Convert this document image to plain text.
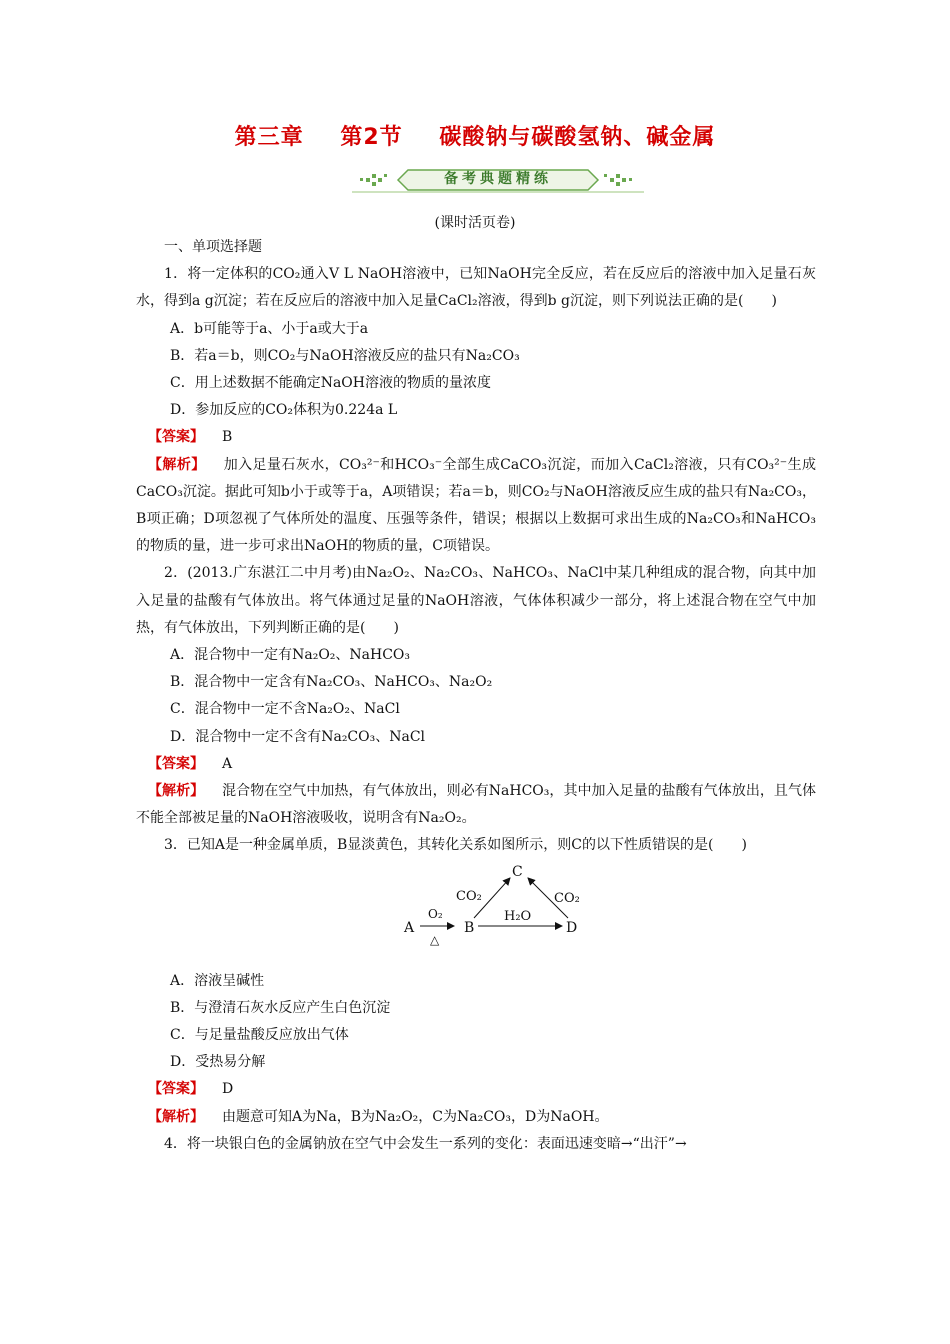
第三章 第2节 碳酸钠与碳酸氢钠、碱金属
备考典题精练
(课时活页卷)

一、单项选择题

1．将一定体积的CO₂通入V L NaOH溶液中，已知NaOH完全反应，若在反应后的溶液中加入足量石灰水，得到a g沉淀；若在反应后的溶液中加入足量CaCl₂溶液，得到b g沉淀，则下列说法正确的是(　　)

A．b可能等于a、小于a或大于a

B．若a＝b，则CO₂与NaOH溶液反应的盐只有Na₂CO₃

C．用上述数据不能确定NaOH溶液的物质的量浓度

D．参加反应的CO₂体积为0.224a L

【答案】 B

【解析】 加入足量石灰水，CO₃²⁻和HCO₃⁻全部生成CaCO₃沉淀，而加入CaCl₂溶液，只有CO₃²⁻生成CaCO₃沉淀。据此可知b小于或等于a，A项错误；若a＝b，则CO₂与NaOH溶液反应生成的盐只有Na₂CO₃，B项正确；D项忽视了气体所处的温度、压强等条件，错误；根据以上数据可求出生成的Na₂CO₃和NaHCO₃的物质的量，进一步可求出NaOH的物质的量，C项错误。

2．(2013.广东湛江二中月考)由Na₂O₂、Na₂CO₃、NaHCO₃、NaCl中某几种组成的混合物，向其中加入足量的盐酸有气体放出。将气体通过足量的NaOH溶液，气体体积减少一部分，将上述混合物在空气中加热，有气体放出，下列判断正确的是(　　)

A．混合物中一定有Na₂O₂、NaHCO₃

B．混合物中一定含有Na₂CO₃、NaHCO₃、Na₂O₂

C．混合物中一定不含Na₂O₂、NaCl

D．混合物中一定不含有Na₂CO₃、NaCl

【答案】 A

【解析】 混合物在空气中加热，有气体放出，则必有NaHCO₃，其中加入足量的盐酸有气体放出，且气体不能全部被足量的NaOH溶液吸收，说明含有Na₂O₂。

3．已知A是一种金属单质，B显淡黄色，其转化关系如图所示，则C的以下性质错误的是(　　)

A
O₂
△
B
H₂O
D
C
CO₂	CO₂

A．溶液呈碱性

B．与澄清石灰水反应产生白色沉淀

C．与足量盐酸反应放出气体

D．受热易分解

【答案】 D

【解析】 由题意可知A为Na，B为Na₂O₂，C为Na₂CO₃，D为NaOH。

4．将一块银白色的金属钠放在空气中会发生一系列的变化：表面迅速变暗→“出汗”→
